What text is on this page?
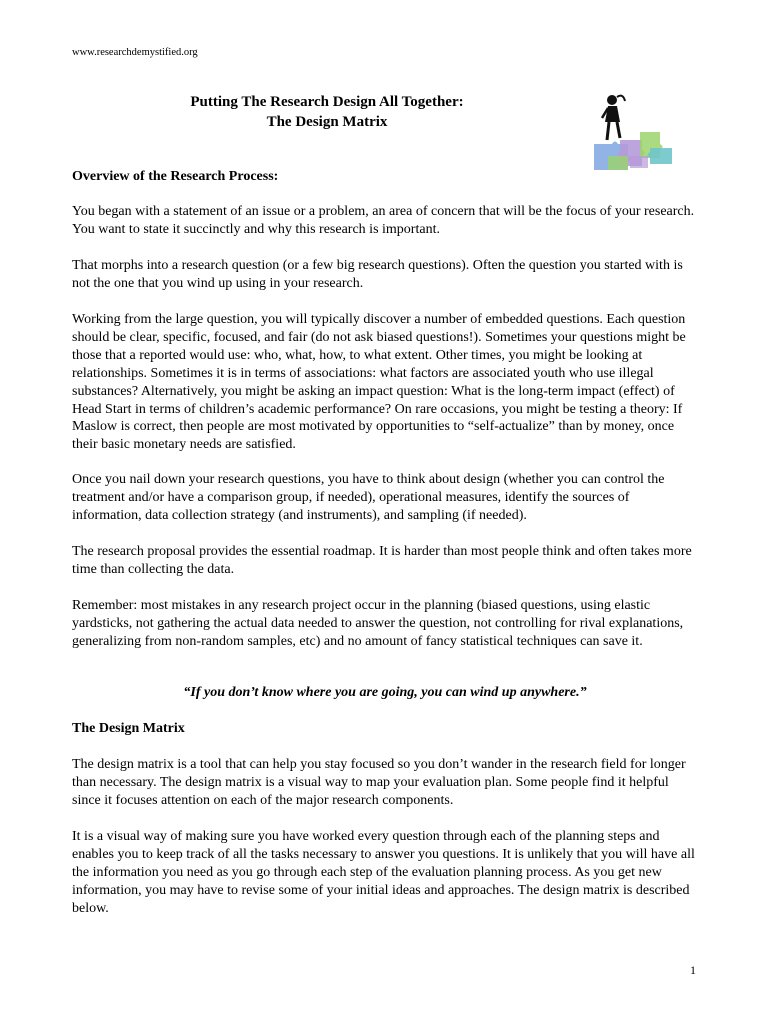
www.researchdemystified.org
Putting The Research Design All Together:
The Design Matrix
Overview of the Research Process:
You began with a statement of an issue or a problem, an area of concern that will be the focus of your research. You want to state it succinctly and why this research is important.
That morphs into a research question (or a few big research questions). Often the question you started with is not the one that you wind up using in your research.
Working from the large question, you will typically discover a number of embedded questions. Each question should be clear, specific, focused, and fair (do not ask biased questions!). Sometimes your questions might be those that a reported would use: who, what, how, to what extent. Other times, you might be looking at relationships. Sometimes it is in terms of associations: what factors are associated youth who use illegal substances? Alternatively, you might be asking an impact question: What is the long-term impact (effect) of Head Start in terms of children’s academic performance? On rare occasions, you might be testing a theory: If Maslow is correct, then people are most motivated by opportunities to “self-actualize” than by money, once their basic monetary needs are satisfied.
Once you nail down your research questions, you have to think about design (whether you can control the treatment and/or have a comparison group, if needed), operational measures, identify the sources of information, data collection strategy (and instruments), and sampling (if needed).
The research proposal provides the essential roadmap. It is harder than most people think and often takes more time than collecting the data.
Remember: most mistakes in any research project occur in the planning (biased questions, using elastic yardsticks, not gathering the actual data needed to answer the question, not controlling for rival explanations, generalizing from non-random samples, etc) and no amount of fancy statistical techniques can save it.
“If you don’t know where you are going, you can wind up anywhere.”
The Design Matrix
The design matrix is a tool that can help you stay focused so you don’t wander in the research field for longer than necessary. The design matrix is a visual way to map your evaluation plan. Some people find it helpful since it focuses attention on each of the major research components.
It is a visual way of making sure you have worked every question through each of the planning steps and enables you to keep track of all the tasks necessary to answer you questions. It is unlikely that you will have all the information you need as you go through each step of the evaluation planning process. As you get new information, you may have to revise some of your initial ideas and approaches. The design matrix is described below.
1
